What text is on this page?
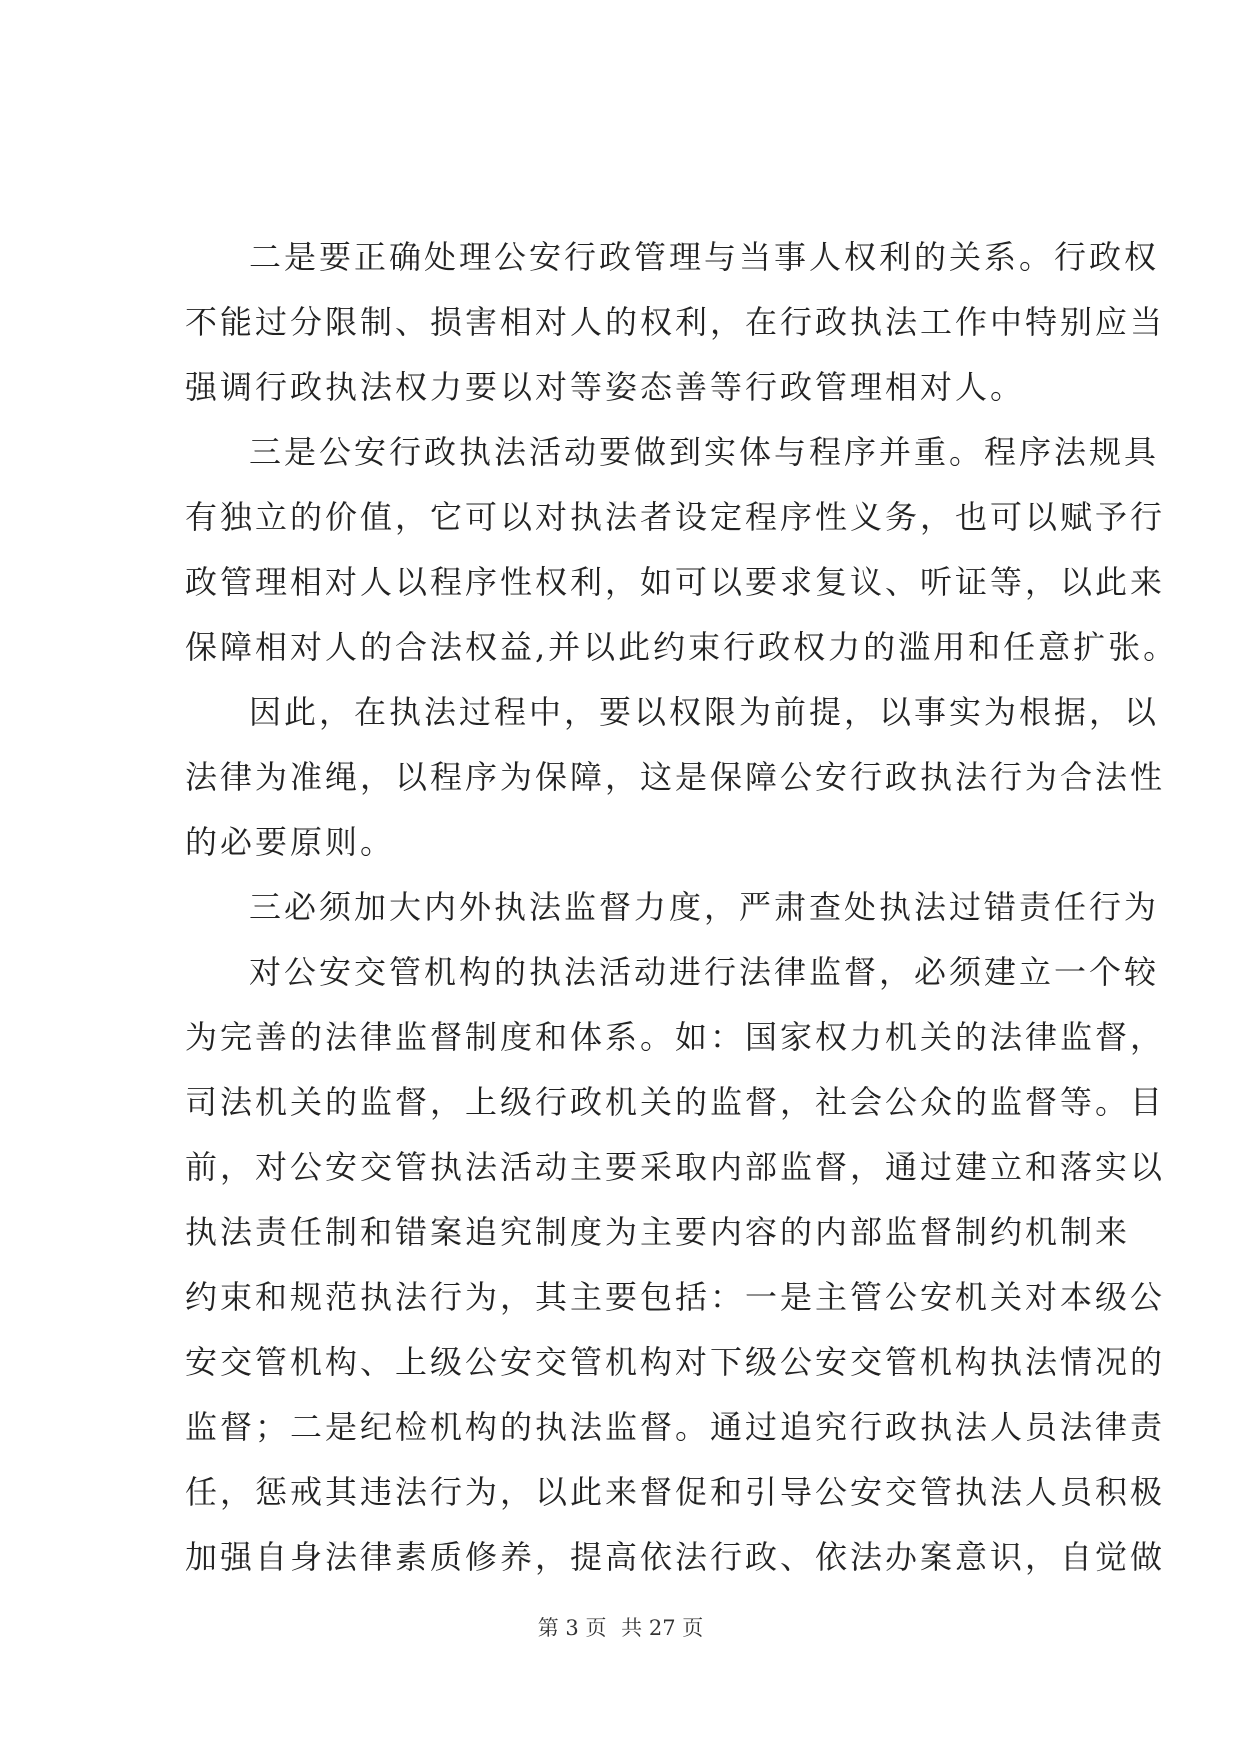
二是要正确处理公安行政管理与当事人权利的关系。行政权
不能过分限制、损害相对人的权利，在行政执法工作中特别应当
强调行政执法权力要以对等姿态善等行政管理相对人。
三是公安行政执法活动要做到实体与程序并重。程序法规具
有独立的价值，它可以对执法者设定程序性义务，也可以赋予行
政管理相对人以程序性权利，如可以要求复议、听证等，以此来
保障相对人的合法权益,并以此约束行政权力的滥用和任意扩张。
因此，在执法过程中，要以权限为前提，以事实为根据，以
法律为准绳，以程序为保障，这是保障公安行政执法行为合法性
的必要原则。
三必须加大内外执法监督力度，严肃查处执法过错责任行为
对公安交管机构的执法活动进行法律监督，必须建立一个较
为完善的法律监督制度和体系。如：国家权力机关的法律监督，
司法机关的监督，上级行政机关的监督，社会公众的监督等。目
前，对公安交管执法活动主要采取内部监督，通过建立和落实以
执法责任制和错案追究制度为主要内容的内部监督制约机制来
约束和规范执法行为，其主要包括：一是主管公安机关对本级公
安交管机构、上级公安交管机构对下级公安交管机构执法情况的
监督；二是纪检机构的执法监督。通过追究行政执法人员法律责
任，惩戒其违法行为，以此来督促和引导公安交管执法人员积极
加强自身法律素质修养，提高依法行政、依法办案意识，自觉做
第 3 页 共 27 页
